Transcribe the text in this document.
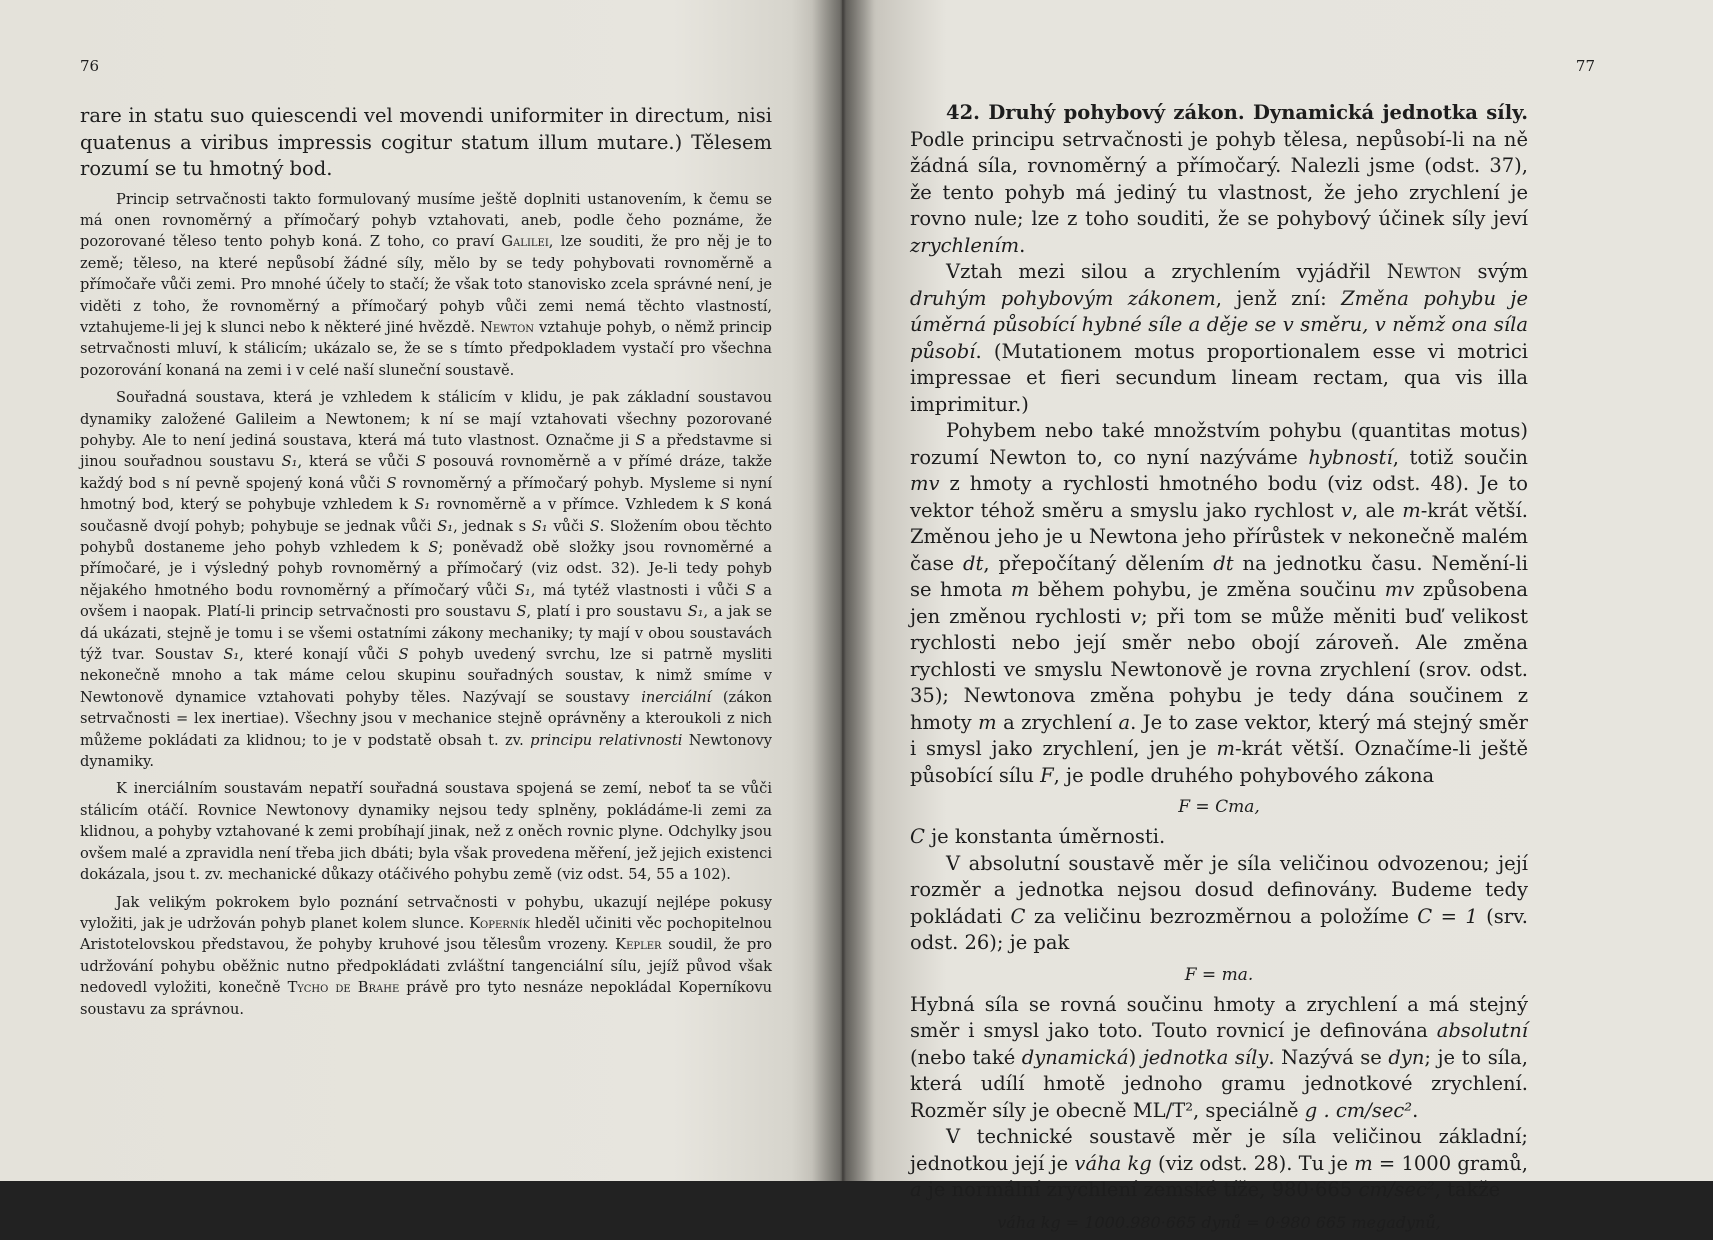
76

rare in statu suo quiescendi vel movendi uniformiter in directum, nisi quatenus a viribus impressis cogitur statum illum mutare.) Tělesem rozumí se tu hmotný bod.

Princip setrvačnosti takto formulovaný musíme ještě doplniti ustanovením, k čemu se má onen rovnoměrný a přímočarý pohyb vztahovati, aneb, podle čeho poznáme, že pozorované těleso tento pohyb koná. Z toho, co praví Galilei, lze souditi, že pro něj je to země; těleso, na které nepůsobí žádné síly, mělo by se tedy pohybovati rovnoměrně a přímočaře vůči zemi. Pro mnohé účely to stačí; že však toto stanovisko zcela správné není, je viděti z toho, že rovnoměrný a přímočarý pohyb vůči zemi nemá těchto vlastností, vztahujeme-li jej k slunci nebo k některé jiné hvězdě. Newton vztahuje pohyb, o němž princip setrvačnosti mluví, k stálicím; ukázalo se, že se s tímto předpokladem vystačí pro všechna pozorování konaná na zemi i v celé naší sluneční soustavě.

Souřadná soustava, která je vzhledem k stálicím v klidu, je pak základní soustavou dynamiky založené Galileim a Newtonem; k ní se mají vztahovati všechny pozorované pohyby. Ale to není jediná soustava, která má tuto vlastnost. Označme ji S a představme si jinou souřadnou soustavu S₁, která se vůči S posouvá rovnoměrně a v přímé dráze, takže každý bod s ní pevně spojený koná vůči S rovnoměrný a přímočarý pohyb. Mysleme si nyní hmotný bod, který se pohybuje vzhledem k S₁ rovnoměrně a v přímce. Vzhledem k S koná současně dvojí pohyb; pohybuje se jednak vůči S₁, jednak s S₁ vůči S. Složením obou těchto pohybů dostaneme jeho pohyb vzhledem k S; poněvadž obě složky jsou rovnoměrné a přímočaré, je i výsledný pohyb rovnoměrný a přímočarý (viz odst. 32). Je-li tedy pohyb nějakého hmotného bodu rovnoměrný a přímočarý vůči S₁, má tytéž vlastnosti i vůči S a ovšem i naopak. Platí-li princip setrvačnosti pro soustavu S, platí i pro soustavu S₁, a jak se dá ukázati, stejně je tomu i se všemi ostatními zákony mechaniky; ty mají v obou soustavách týž tvar. Soustav S₁, které konají vůči S pohyb uvedený svrchu, lze si patrně mysliti nekonečně mnoho a tak máme celou skupinu souřadných soustav, k nimž smíme v Newtonově dynamice vztahovati pohyby těles. Nazývají se soustavy inerciální (zákon setrvačnosti = lex inertiae). Všechny jsou v mechanice stejně oprávněny a kteroukoli z nich můžeme pokládati za klidnou; to je v podstatě obsah t. zv. principu relativnosti Newtonovy dynamiky.

K inerciálním soustavám nepatří souřadná soustava spojená se zemí, neboť ta se vůči stálicím otáčí. Rovnice Newtonovy dynamiky nejsou tedy splněny, pokládáme-li zemi za klidnou, a pohyby vztahované k zemi probíhají jinak, než z oněch rovnic plyne. Odchylky jsou ovšem malé a zpravidla není třeba jich dbáti; byla však provedena měření, jež jejich existenci dokázala, jsou t. zv. mechanické důkazy otáčivého pohybu země (viz odst. 54, 55 a 102).

Jak velikým pokrokem bylo poznání setrvačnosti v pohybu, ukazují nejlépe pokusy vyložiti, jak je udržován pohyb planet kolem slunce. Koperník hleděl učiniti věc pochopitelnou Aristotelovskou představou, že pohyby kruhové jsou tělesům vrozeny. Kepler soudil, že pro udržování pohybu oběžnic nutno předpokládati zvláštní tangenciální sílu, jejíž původ však nedovedl vyložiti, konečně Tycho de Brahe právě pro tyto nesnáze nepokládal Koperníkovu soustavu za správnou.

77

42. Druhý pohybový zákon. Dynamická jednotka síly. Podle principu setrvačnosti je pohyb tělesa, nepůsobí-li na ně žádná síla, rovnoměrný a přímočarý. Nalezli jsme (odst. 37), že tento pohyb má jediný tu vlastnost, že jeho zrychlení je rovno nule; lze z toho souditi, že se pohybový účinek síly jeví zrychlením.

Vztah mezi silou a zrychlením vyjádřil Newton svým druhým pohybovým zákonem, jenž zní: Změna pohybu je úměrná působící hybné síle a děje se v směru, v němž ona síla působí. (Mutationem motus proportionalem esse vi motrici impressae et fieri secundum lineam rectam, qua vis illa imprimitur.)

Pohybem nebo také množstvím pohybu (quantitas motus) rozumí Newton to, co nyní nazýváme hybností, totiž součin mv z hmoty a rychlosti hmotného bodu (viz odst. 48). Je to vektor téhož směru a smyslu jako rychlost v, ale m-krát větší. Změnou jeho je u Newtona jeho přírůstek v nekonečně malém čase dt, přepočítaný dělením dt na jednotku času. Nemění-li se hmota m během pohybu, je změna součinu mv způsobena jen změnou rychlosti v; při tom se může měniti buď velikost rychlosti nebo její směr nebo obojí zároveň. Ale změna rychlosti ve smyslu Newtonově je rovna zrychlení (srov. odst. 35); Newtonova změna pohybu je tedy dána součinem z hmoty m a zrychlení a. Je to zase vektor, který má stejný směr i smysl jako zrychlení, jen je m-krát větší. Označíme-li ještě působící sílu F, je podle druhého pohybového zákona

F = Cma,

C je konstanta úměrnosti.

V absolutní soustavě měr je síla veličinou odvozenou; její rozměr a jednotka nejsou dosud definovány. Budeme tedy pokládati C za veličinu bezrozměrnou a položíme C = 1 (srv. odst. 26); je pak

F = ma.

Hybná síla se rovná součinu hmoty a zrychlení a má stejný směr i smysl jako toto. Touto rovnicí je definována absolutní (nebo také dynamická) jednotka síly. Nazývá se dyn; je to síla, která udílí hmotě jednoho gramu jednotkové zrychlení. Rozměr síly je obecně ML/T², speciálně g . cm/sec².

V technické soustavě měr je síla veličinou základní; jednotkou její je váha kg (viz odst. 28). Tu je m = 1000 gramů, a je normální zrychlení zemské tíže, 980·665 cm/sec², takže

váha kg = 1000.980·665 dynů = 0·980 665 megadynů,
